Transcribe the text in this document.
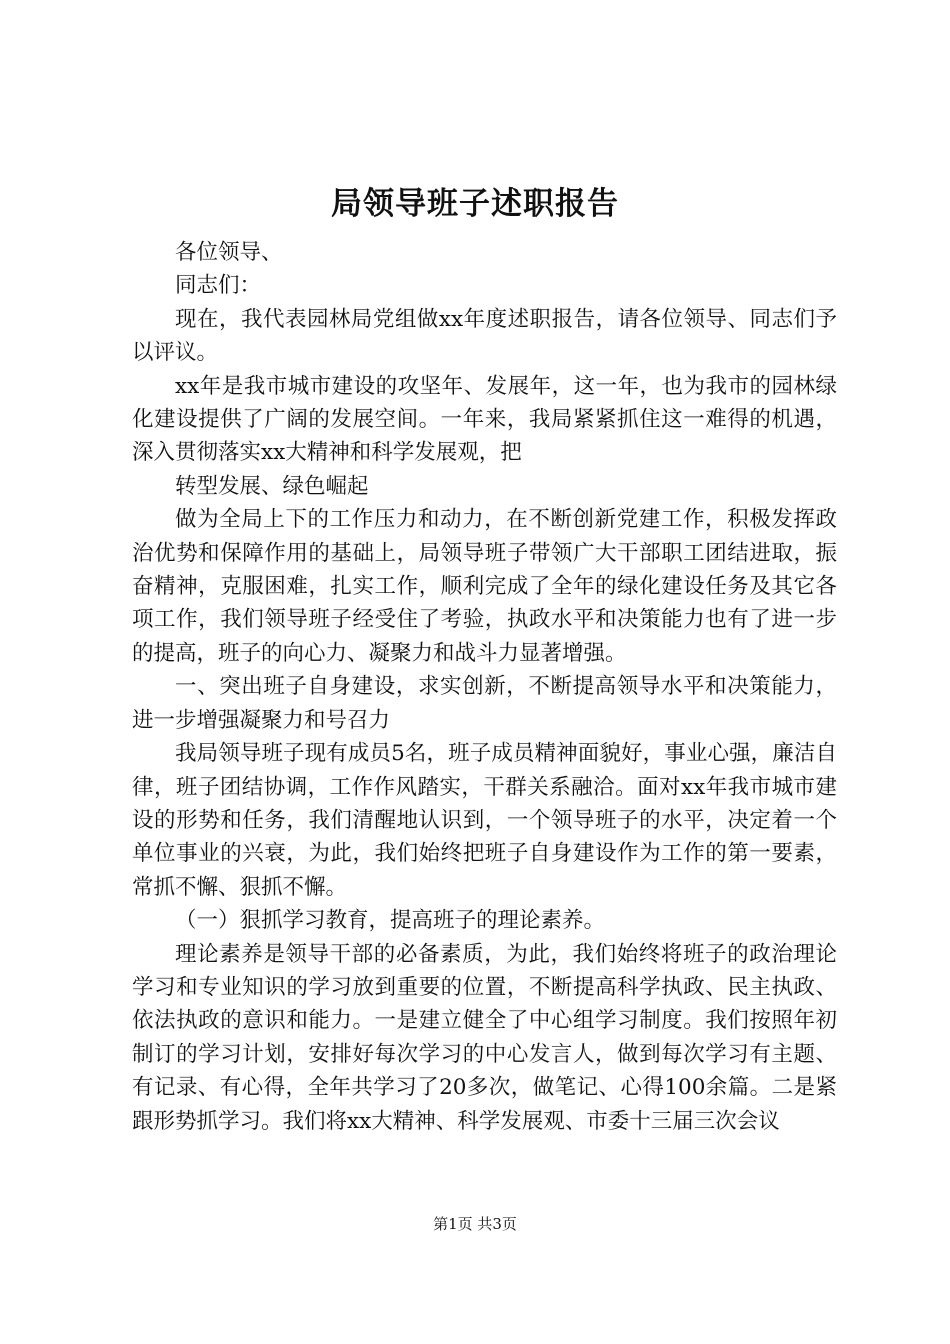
局领导班子述职报告

各位领导、

同志们：

现在，我代表园林局党组做xx年度述职报告，请各位领导、同志们予以评议。

xx年是我市城市建设的攻坚年、发展年，这一年，也为我市的园林绿化建设提供了广阔的发展空间。一年来，我局紧紧抓住这一难得的机遇，深入贯彻落实xx大精神和科学发展观，把

转型发展、绿色崛起

做为全局上下的工作压力和动力，在不断创新党建工作，积极发挥政治优势和保障作用的基础上，局领导班子带领广大干部职工团结进取，振奋精神，克服困难，扎实工作，顺利完成了全年的绿化建设任务及其它各项工作，我们领导班子经受住了考验，执政水平和决策能力也有了进一步的提高，班子的向心力、凝聚力和战斗力显著增强。

一、突出班子自身建设，求实创新，不断提高领导水平和决策能力，进一步增强凝聚力和号召力

我局领导班子现有成员5名，班子成员精神面貌好，事业心强，廉洁自律，班子团结协调，工作作风踏实，干群关系融洽。面对xx年我市城市建设的形势和任务，我们清醒地认识到，一个领导班子的水平，决定着一个单位事业的兴衰，为此，我们始终把班子自身建设作为工作的第一要素，常抓不懈、狠抓不懈。

（一）狠抓学习教育，提高班子的理论素养。

理论素养是领导干部的必备素质，为此，我们始终将班子的政治理论学习和专业知识的学习放到重要的位置，不断提高科学执政、民主执政、依法执政的意识和能力。一是建立健全了中心组学习制度。我们按照年初制订的学习计划，安排好每次学习的中心发言人，做到每次学习有主题、有记录、有心得，全年共学习了20多次，做笔记、心得100余篇。二是紧跟形势抓学习。我们将xx大精神、科学发展观、市委十三届三次会议

第1页 共3页
